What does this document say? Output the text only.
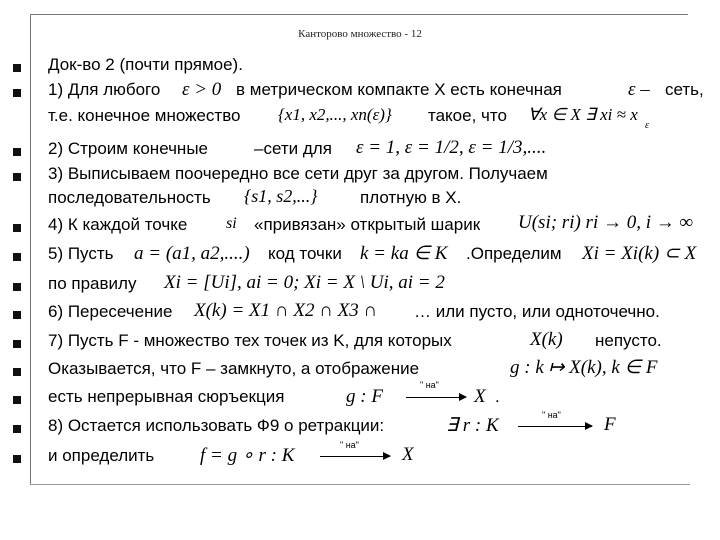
Канторово множество - 12
Док-во 2 (почти прямое).
1) Для любого ε > 0 в метрическом компакте X есть конечная	ε – сеть,
т.е. конечное множество {x1, x2,..., xn(ε)} такое, что ∀x ∈ X ∃ xi ≈ x
ε
2) Строим конечные	–сети для ε = 1, ε = 1/2, ε = 1/3,....
3) Выписываем поочередно все сети друг за другом. Получаем
последовательность {s1, s2,...}	плотную в X.
4) К каждой точке si «привязан» открытый шарик U(si; ri) ri → 0, i → ∞
5) Пусть a = (a1, a2,....) код точки k = ka ∈ K .Определим Xi = Xi(k) ⊂ X
по правилу Xi = [Ui], ai = 0; Xi = X \ Ui, ai = 2
6) Пересечение X(k) = X1 ∩ X2 ∩ X3 ∩ … или пусто, или одноточечно.
7) Пусть F - множество тех точек из K, для которых	X(k) непусто.
Оказывается, что F – замкнуто, а отображение	g : k ↦ X(k), k ∈ F
есть непрерывная сюръекция	g : F
" на"
X .
8) Остается использовать Ф9 о ретракции:	∃ r : K	" на" F
и определить f = g ∘ r : K	" на" X
